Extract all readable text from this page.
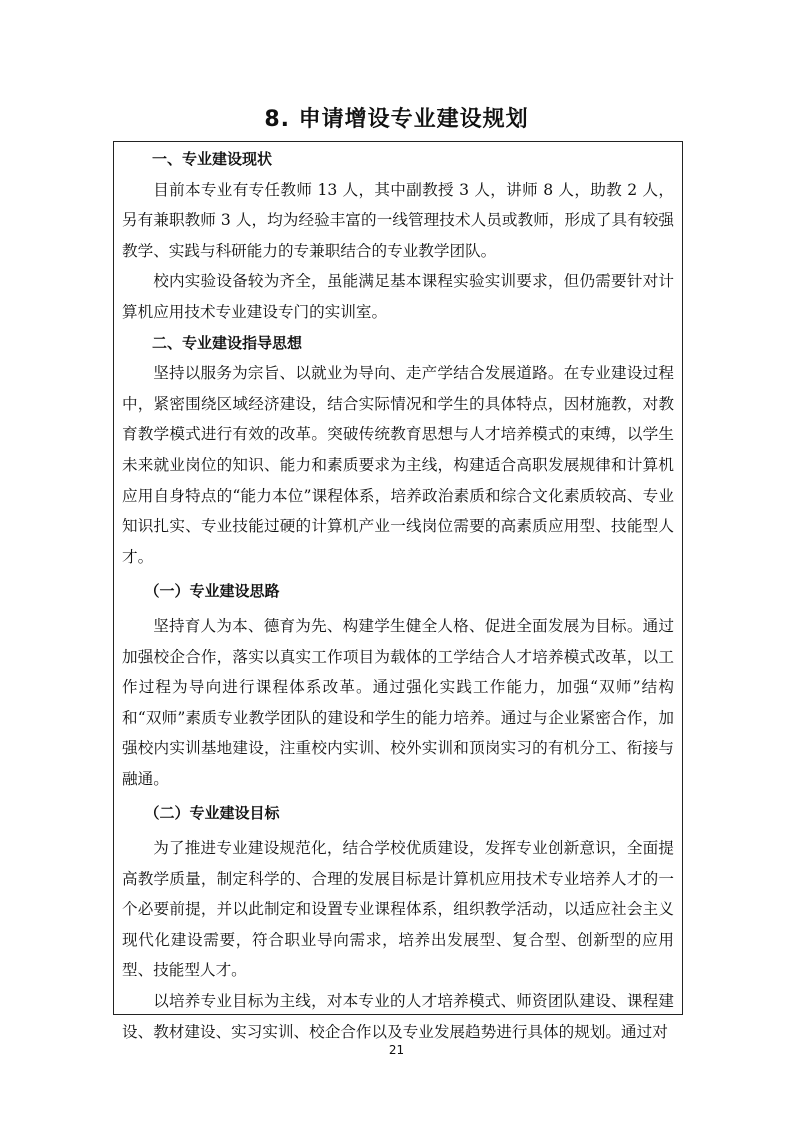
8. 申请增设专业建设规划

一、专业建设现状

目前本专业有专任教师 13 人，其中副教授 3 人，讲师 8 人，助教 2 人，另有兼职教师 3 人，均为经验丰富的一线管理技术人员或教师，形成了具有较强教学、实践与科研能力的专兼职结合的专业教学团队。

校内实验设备较为齐全，虽能满足基本课程实验实训要求，但仍需要针对计算机应用技术专业建设专门的实训室。

二、专业建设指导思想

坚持以服务为宗旨、以就业为导向、走产学结合发展道路。在专业建设过程中，紧密围绕区域经济建设，结合实际情况和学生的具体特点，因材施教，对教育教学模式进行有效的改革。突破传统教育思想与人才培养模式的束缚，以学生未来就业岗位的知识、能力和素质要求为主线，构建适合高职发展规律和计算机应用自身特点的“能力本位”课程体系，培养政治素质和综合文化素质较高、专业知识扎实、专业技能过硬的计算机产业一线岗位需要的高素质应用型、技能型人才。

（一）专业建设思路

坚持育人为本、德育为先、构建学生健全人格、促进全面发展为目标。通过加强校企合作，落实以真实工作项目为载体的工学结合人才培养模式改革，以工作过程为导向进行课程体系改革。通过强化实践工作能力，加强“双师”结构和“双师”素质专业教学团队的建设和学生的能力培养。通过与企业紧密合作，加强校内实训基地建设，注重校内实训、校外实训和顶岗实习的有机分工、衔接与融通。

（二）专业建设目标

为了推进专业建设规范化，结合学校优质建设，发挥专业创新意识，全面提高教学质量，制定科学的、合理的发展目标是计算机应用技术专业培养人才的一个必要前提，并以此制定和设置专业课程体系，组织教学活动，以适应社会主义现代化建设需要，符合职业导向需求，培养出发展型、复合型、创新型的应用型、技能型人才。

以培养专业目标为主线，对本专业的人才培养模式、师资团队建设、课程建设、教材建设、实习实训、校企合作以及专业发展趋势进行具体的规划。通过对

21
